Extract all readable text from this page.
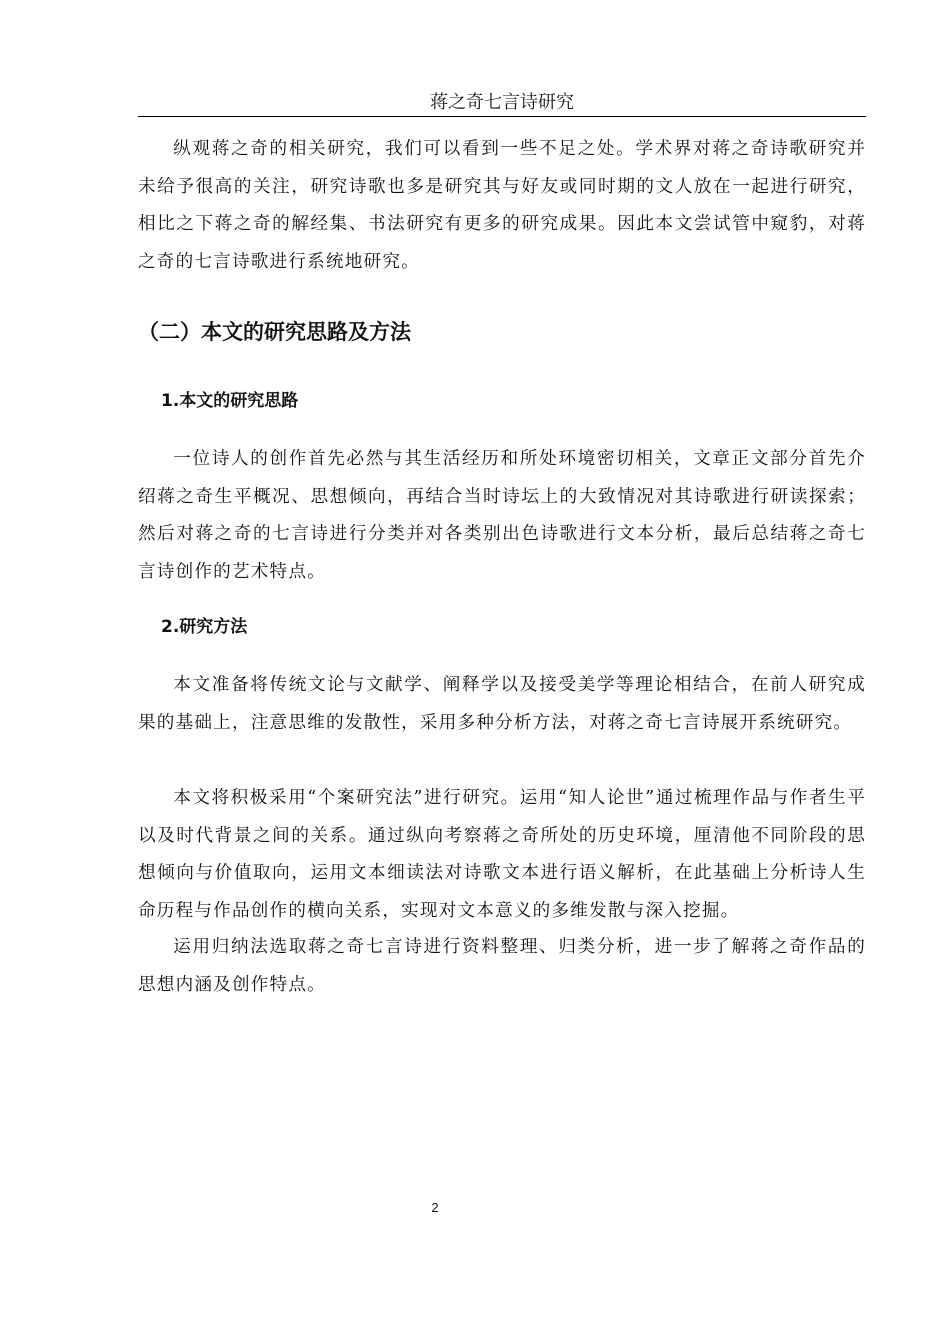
蒋之奇七言诗研究

纵观蒋之奇的相关研究，我们可以看到一些不足之处。学术界对蒋之奇诗歌研究并未给予很高的关注，研究诗歌也多是研究其与好友或同时期的文人放在一起进行研究，相比之下蒋之奇的解经集、书法研究有更多的研究成果。因此本文尝试管中窥豹，对蒋之奇的七言诗歌进行系统地研究。

（二）本文的研究思路及方法
1.本文的研究思路

一位诗人的创作首先必然与其生活经历和所处环境密切相关，文章正文部分首先介绍蒋之奇生平概况、思想倾向，再结合当时诗坛上的大致情况对其诗歌进行研读探索；然后对蒋之奇的七言诗进行分类并对各类别出色诗歌进行文本分析，最后总结蒋之奇七言诗创作的艺术特点。

2.研究方法

本文准备将传统文论与文献学、阐释学以及接受美学等理论相结合，在前人研究成果的基础上，注意思维的发散性，采用多种分析方法，对蒋之奇七言诗展开系统研究。

本文将积极采用“个案研究法”进行研究。运用“知人论世”通过梳理作品与作者生平以及时代背景之间的关系。通过纵向考察蒋之奇所处的历史环境，厘清他不同阶段的思想倾向与价值取向，运用文本细读法对诗歌文本进行语义解析，在此基础上分析诗人生命历程与作品创作的横向关系，实现对文本意义的多维发散与深入挖掘。

运用归纳法选取蒋之奇七言诗进行资料整理、归类分析，进一步了解蒋之奇作品的思想内涵及创作特点。

2
